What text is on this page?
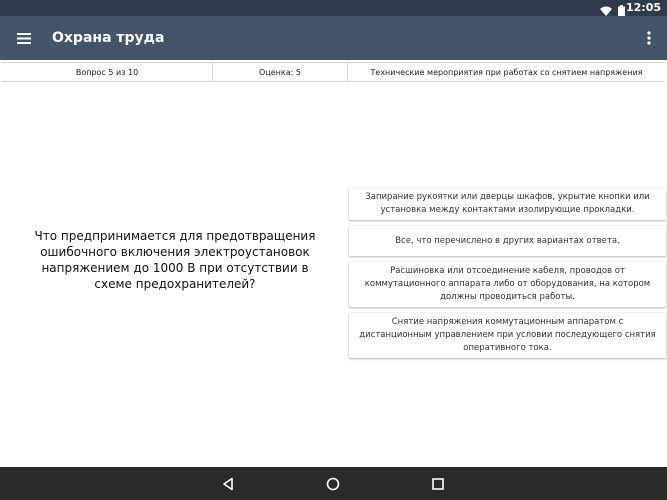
12:05
Охрана труда
Вопрос 5 из 10	Оценка: 5	Технические мероприятия при работах со снятием напряжения
Что предпринимается для предотвращения ошибочного включения электроустановок напряжением до 1000 В при отсутствии в схеме предохранителей?
Запирание рукоятки или дверцы шкафов, укрытие кнопки или установка между контактами изолирующие прокладки.
Все, что перечислено в других вариантах ответа.
Расшиновка или отсоединение кабеля, проводов от коммутационного аппарата либо от оборудования, на котором должны проводиться работы.
Снятие напряжения коммутационным аппаратом с дистанционным управлением при условии последующего снятия оперативного тока.
